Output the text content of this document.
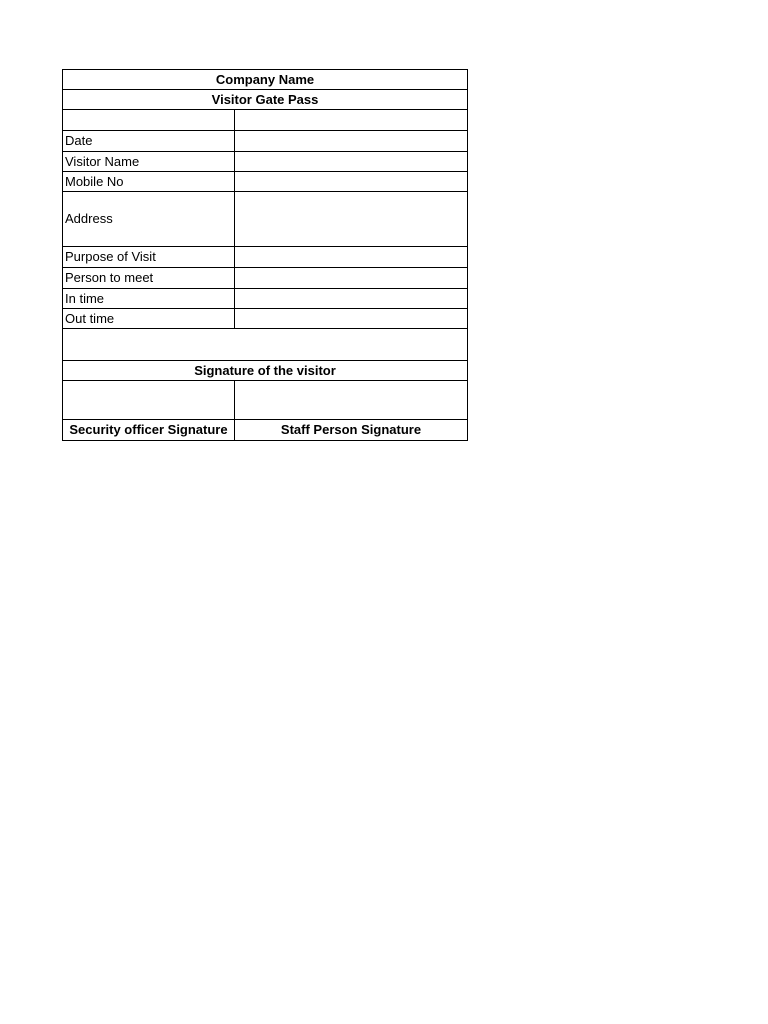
Company Name	
Visitor Gate Pass	

Date	
Visitor Name	
Mobile No	
Address	
Purpose of Visit	
Person to meet	
In time	
Out time	

Signature of the visitor	

Security officer Signature	Staff Person Signature
